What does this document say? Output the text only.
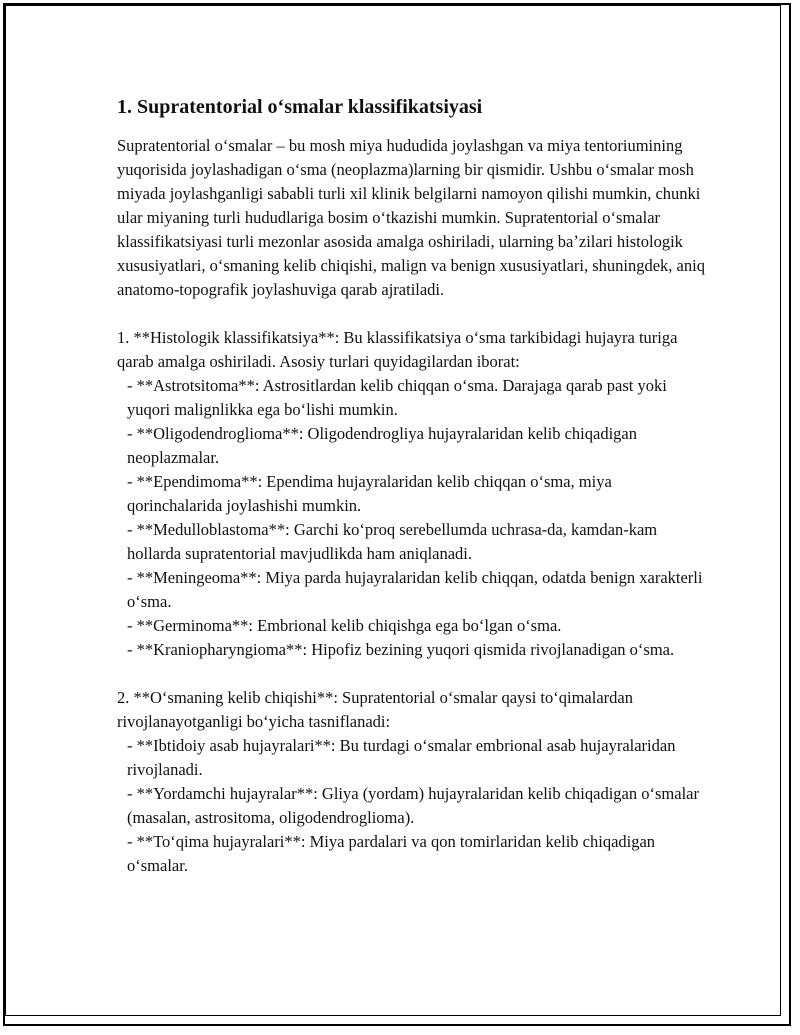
1. Supratentorial oʻsmalar klassifikatsiyasi

Supratentorial oʻsmalar – bu mosh miya hududida joylashgan va miya tentoriumining yuqorisida joylashadigan oʻsma (neoplazma)larning bir qismidir. Ushbu oʻsmalar mosh miyada joylashganligi sababli turli xil klinik belgilarni namoyon qilishi mumkin, chunki ular miyaning turli hududlariga bosim oʻtkazishi mumkin. Supratentorial oʻsmalar klassifikatsiyasi turli mezonlar asosida amalga oshiriladi, ularning baʼzilari histologik xususiyatlari, oʻsmaning kelib chiqishi, malign va benign xususiyatlari, shuningdek, aniq anatomo-topografik joylashuviga qarab ajratiladi.

1. **Histologik klassifikatsiya**: Bu klassifikatsiya oʻsma tarkibidagi hujayra turiga qarab amalga oshiriladi. Asosiy turlari quyidagilardan iborat:

- **Astrotsitoma**: Astrositlardan kelib chiqqan oʻsma. Darajaga qarab past yoki yuqori malignlikka ega boʻlishi mumkin.

- **Oligodendroglioma**: Oligodendrogliya hujayralaridan kelib chiqadigan neoplazmalar.

- **Ependimoma**: Ependima hujayralaridan kelib chiqqan oʻsma, miya qorinchalarida joylashishi mumkin.

- **Medulloblastoma**: Garchi koʻproq serebellumda uchrasa-da, kamdan-kam hollarda supratentorial mavjudlikda ham aniqlanadi.

- **Meningeoma**: Miya parda hujayralaridan kelib chiqqan, odatda benign xarakterli oʻsma.

- **Germinoma**: Embrional kelib chiqishga ega boʻlgan oʻsma.

- **Kraniopharyngioma**: Hipofiz bezining yuqori qismida rivojlanadigan oʻsma.

2. **Oʻsmaning kelib chiqishi**: Supratentorial oʻsmalar qaysi toʻqimalardan rivojlanayotganligi boʻyicha tasniflanadi:

- **Ibtidoiy asab hujayralari**: Bu turdagi oʻsmalar embrional asab hujayralaridan rivojlanadi.

- **Yordamchi hujayralar**: Gliya (yordam) hujayralaridan kelib chiqadigan oʻsmalar (masalan, astrositoma, oligodendroglioma).

- **Toʻqima hujayralari**: Miya pardalari va qon tomirlaridan kelib chiqadigan oʻsmalar.
